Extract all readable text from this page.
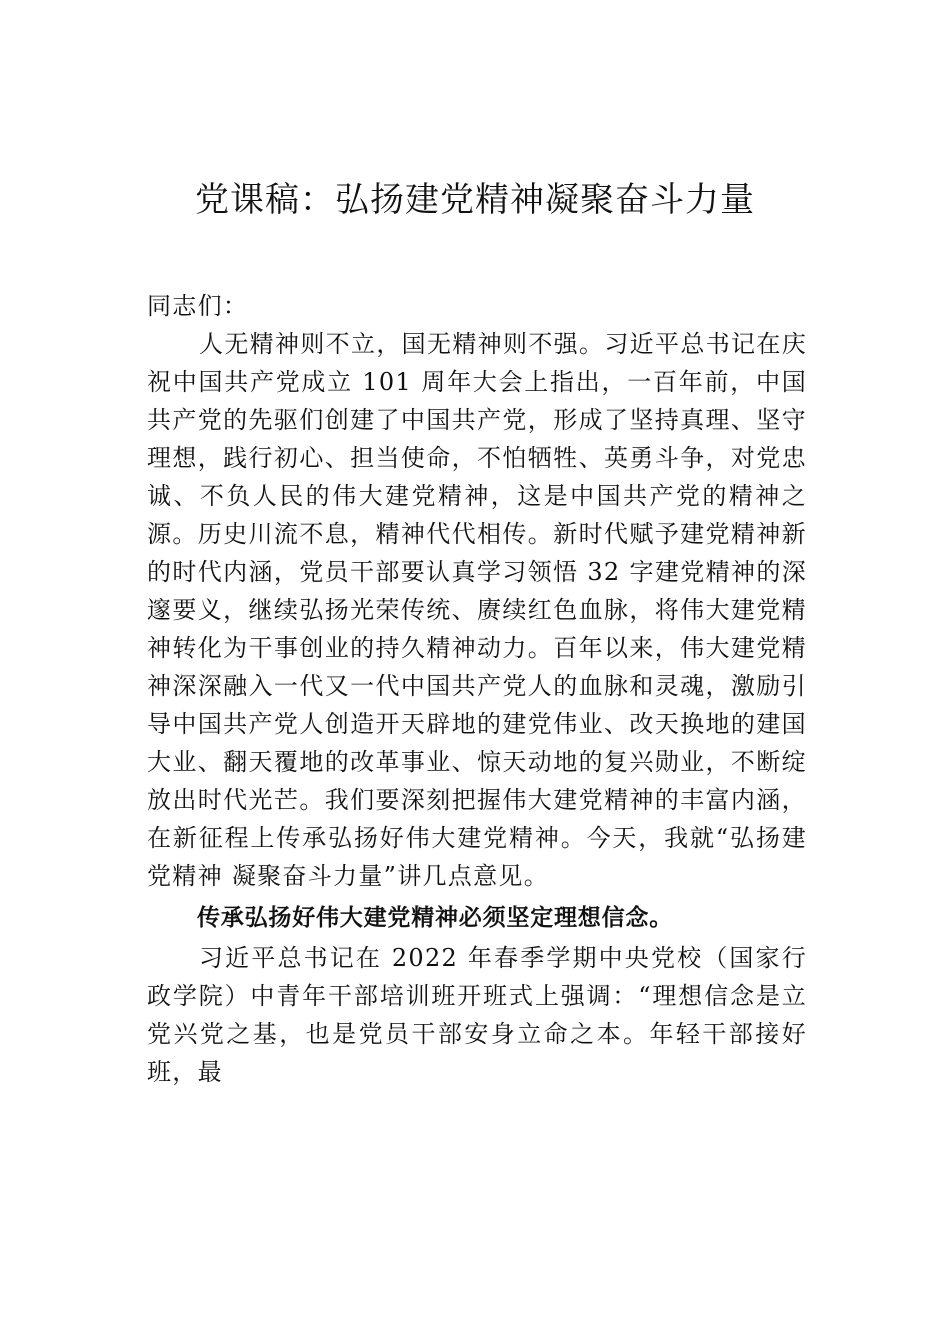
党课稿：弘扬建党精神凝聚奋斗力量

同志们：

人无精神则不立，国无精神则不强。习近平总书记在庆祝中国共产党成立 101 周年大会上指出，一百年前，中国共产党的先驱们创建了中国共产党，形成了坚持真理、坚守理想，践行初心、担当使命，不怕牺牲、英勇斗争，对党忠诚、不负人民的伟大建党精神，这是中国共产党的精神之源。历史川流不息，精神代代相传。新时代赋予建党精神新的时代内涵，党员干部要认真学习领悟 32 字建党精神的深邃要义，继续弘扬光荣传统、赓续红色血脉，将伟大建党精神转化为干事创业的持久精神动力。百年以来，伟大建党精神深深融入一代又一代中国共产党人的血脉和灵魂，激励引导中国共产党人创造开天辟地的建党伟业、改天换地的建国大业、翻天覆地的改革事业、惊天动地的复兴勋业，不断绽放出时代光芒。我们要深刻把握伟大建党精神的丰富内涵，在新征程上传承弘扬好伟大建党精神。今天，我就“弘扬建党精神 凝聚奋斗力量”讲几点意见。

传承弘扬好伟大建党精神必须坚定理想信念。

习近平总书记在 2022 年春季学期中央党校（国家行政学院）中青年干部培训班开班式上强调：“理想信念是立党兴党之基，也是党员干部安身立命之本。年轻干部接好班，最
